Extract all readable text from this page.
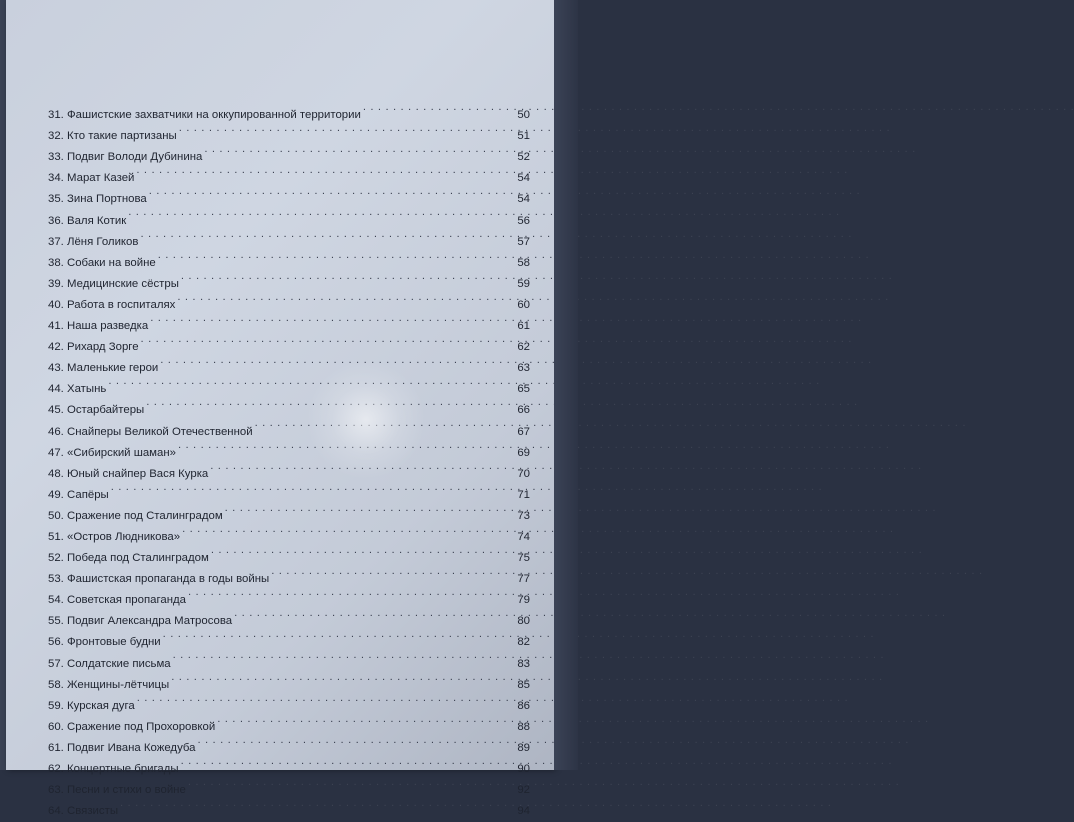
31. Фашистские захватчики на оккупированной территории . . .	50
32. Кто такие партизаны . . .	51
33. Подвиг Володи Дубинина . . .	52
34. Марат Казей . . .	54
35. Зина Портнова . . .	54
36. Валя Котик . . .	56
37. Лёня Голиков . . .	57
38. Собаки на войне . . .	58
39. Медицинские сёстры . . .	59
40. Работа в госпиталях . . .	60
41. Наша разведка . . .	61
42. Рихард Зорге . . .	62
43. Маленькие герои . . .	63
44. Хатынь . . .	65
45. Остарбайтеры . . .	66
46. Снайперы Великой Отечественной . . .	67
47. «Сибирский шаман» . . .	69
48. Юный снайпер Вася Курка . . .	70
49. Сапёры . . .	71
50. Сражение под Сталинградом . . .	73
51. «Остров Людникова» . . .	74
52. Победа под Сталинградом . . .	75
53. Фашистская пропаганда в годы войны . . .	77
54. Советская пропаганда . . .	79
55. Подвиг Александра Матросова . . .	80
56. Фронтовые будни . . .	82
57. Солдатские письма . . .	83
58. Женщины-лётчицы . . .	85
59. Курская дуга . . .	86
60. Сражение под Прохоровкой . . .	88
61. Подвиг Ивана Кожедуба . . .	89
62. Концертные бригады . . .	90
63. Песни и стихи о войне . . .	92
64. Связисты . . .	94
